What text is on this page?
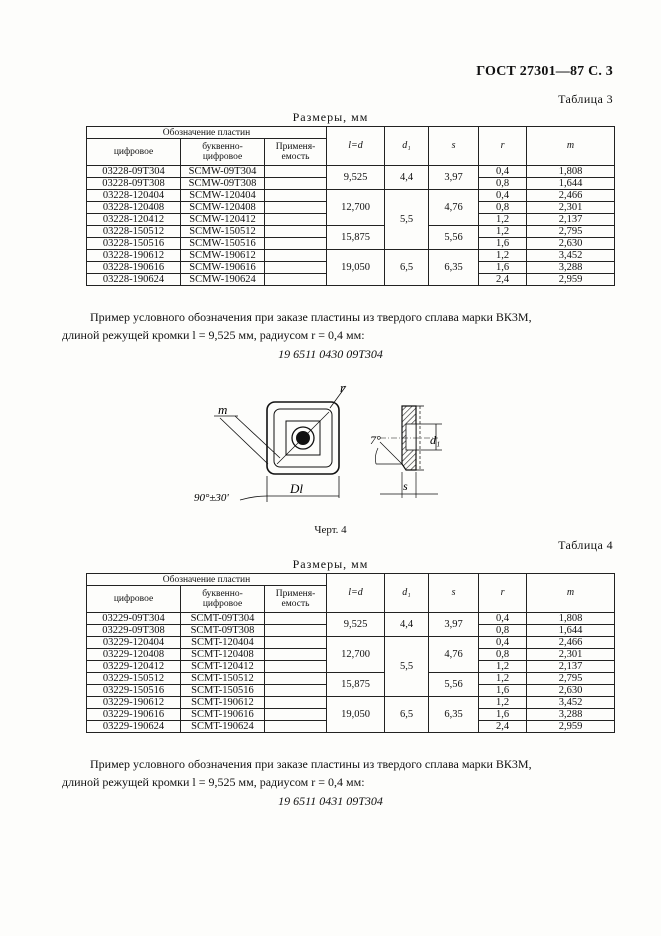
ГОСТ 27301—87 С. 3
Таблица 3
Размеры, мм
Обозначение пластин			l=d	d₁	s	r	m
цифровое	буквенно-цифровое	Применя-емость					
03228-09T304	SCMW-09T304		9,525	4,4	3,97	0,4	1,808
03228-09T308	SCMW-09T308					0,8	1,644
03228-120404	SCMW-120404		12,700	5,5	4,76	0,4	2,466
03228-120408	SCMW-120408					0,8	2,301
03228-120412	SCMW-120412					1,2	2,137
03228-150512	SCMW-150512		15,875		5,56	1,2	2,795
03228-150516	SCMW-150516					1,6	2,630
03228-190612	SCMW-190612		19,050	6,5	6,35	1,2	3,452
03228-190616	SCMW-190616					1,6	3,288
03228-190624	SCMW-190624					2,4	2,959
Пример условного обозначения при заказе пластины из твердого сплава марки ВК3М,
длиной режущей кромки l = 9,525 мм, радиусом r = 0,4 мм:
19 6511 0430 09Т304
m
r
Dl
90°±30'
d₁
7°
s
Черт. 4
Таблица 4
Размеры, мм
Обозначение пластин			l=d	d₁	s	r	m
цифровое	буквенно-цифровое	Применя-емость					
03229-09T304	SCMT-09T304		9,525	4,4	3,97	0,4	1,808
03229-09T308	SCMT-09T308					0,8	1,644
03229-120404	SCMT-120404		12,700	5,5	4,76	0,4	2,466
03229-120408	SCMT-120408					0,8	2,301
03229-120412	SCMT-120412					1,2	2,137
03229-150512	SCMT-150512		15,875		5,56	1,2	2,795
03229-150516	SCMT-150516					1,6	2,630
03229-190612	SCMT-190612		19,050	6,5	6,35	1,2	3,452
03229-190616	SCMT-190616					1,6	3,288
03229-190624	SCMT-190624					2,4	2,959
Пример условного обозначения при заказе пластины из твердого сплава марки ВК3М,
длиной режущей кромки l = 9,525 мм, радиусом r = 0,4 мм:
19 6511 0431 09Т304
